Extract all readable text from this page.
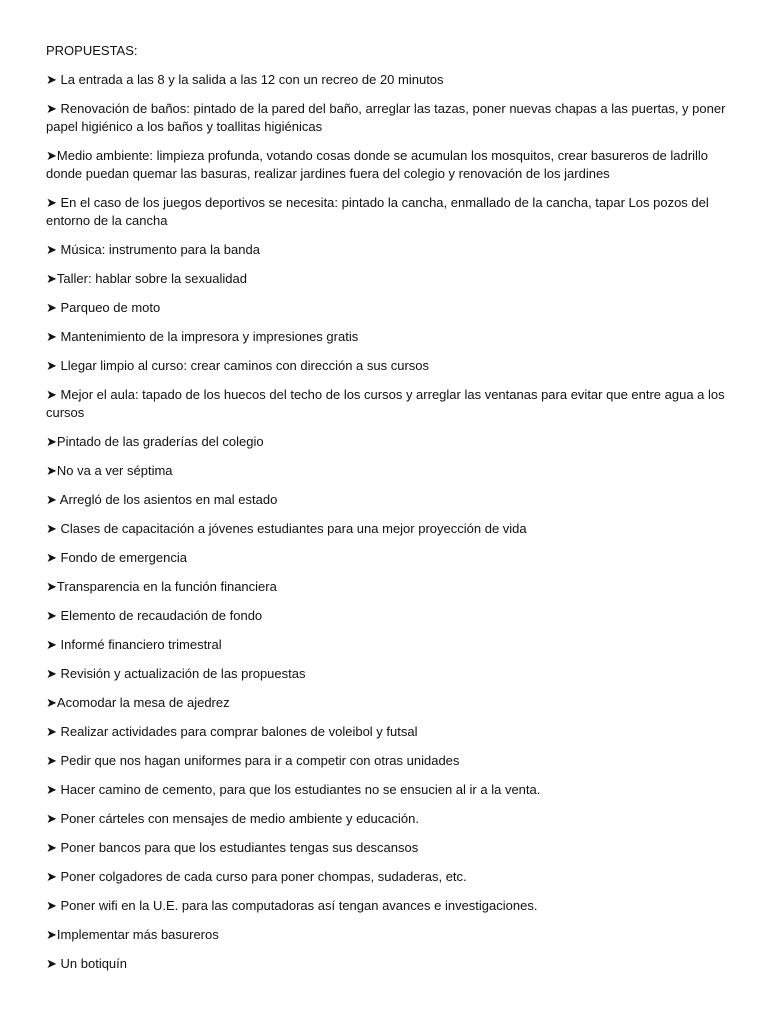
PROPUESTAS:
➤ La entrada a las 8 y la salida a las 12 con un recreo de 20 minutos
➤ Renovación de baños: pintado de la pared del baño, arreglar las tazas, poner nuevas chapas a las puertas, y poner papel higiénico a los baños y toallitas higiénicas
➤Medio ambiente: limpieza profunda, votando cosas donde se acumulan los mosquitos, crear basureros de ladrillo donde puedan quemar las basuras, realizar jardines fuera del colegio y renovación de los jardines
➤ En el caso de los juegos deportivos se necesita: pintado la cancha, enmallado de la cancha, tapar Los pozos del entorno de la cancha
➤ Música: instrumento para la banda
➤Taller: hablar sobre la sexualidad
➤ Parqueo de moto
➤ Mantenimiento de la impresora y impresiones gratis
➤ Llegar limpio al curso: crear caminos con dirección a sus cursos
➤ Mejor el aula: tapado de los huecos del techo de los cursos y arreglar las ventanas para evitar que entre agua a los cursos
➤Pintado de las graderías del colegio
➤No va a ver séptima
➤ Arregló de los asientos en mal estado
➤ Clases de capacitación a jóvenes estudiantes para una mejor proyección de vida
➤ Fondo de emergencia
➤Transparencia en la función financiera
➤ Elemento de recaudación de fondo
➤ Informé financiero trimestral
➤ Revisión y actualización de las propuestas
➤Acomodar la mesa de ajedrez
➤ Realizar actividades para comprar balones de voleibol y futsal
➤ Pedir que nos hagan uniformes para ir a competir con otras unidades
➤ Hacer camino de cemento, para que los estudiantes no se ensucien al ir a la venta.
➤ Poner cárteles con mensajes de medio ambiente y educación.
➤ Poner bancos para que los estudiantes tengas sus descansos
➤ Poner colgadores de cada curso para poner chompas, sudaderas, etc.
➤ Poner wifi en la U.E. para las computadoras así tengan avances e investigaciones.
➤Implementar más basureros
➤ Un botiquín
